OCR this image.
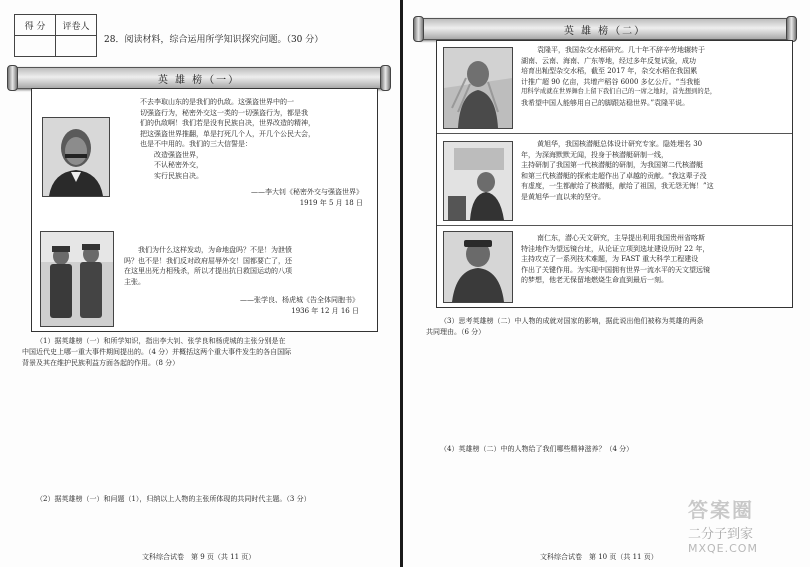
得 分	评卷人

28．阅读材料，综合运用所学知识探究问题。（30 分）
英 雄 榜（一）
不去李取山东的是我们的仇敌。这强盗世界中的一
切强盗行为，秘密外交这一类的一切强盗行为，都是我
们的仇敌啊！我们若是没有民族自决，世界改造的精神，
把这强盗世界推翻，单是打死几个人，开几个公民大会，
也是不中用的。我们的三大信誓是：
改造强盗世界，
不认秘密外交，
实行民族自决。
——李大钊《秘密外交与强盗世界》
1919 年 5 月 18 日
我们为什么这样发动，为命地盘吗？不是！为泄愤
吗？也不是！我们反对政府屈辱外交！国都要亡了，还
在这里出死力相残杀，所以才提出抗日救国运动的八项
主张。
——张学良、杨虎城《告全体同胞书》
1936 年 12 月 16 日
（1）据英雄榜（一）和所学知识，指出李大钊、张学良和杨虎城的主张分别是在
中国近代史上哪一重大事件期间提出的。（4 分）并概括这两个重大事件发生的各自国际
背景及其在维护民族利益方面各起的作用。（8 分）
（2）据英雄榜（一）和问题（1），归纳以上人物的主张所体现的共同时代主题。（3 分）
文科综合试卷　第 9 页（共 11 页）
英 雄 榜（二）
袁隆平，我国杂交水稻研究。几十年不辞辛劳地辗转于
湖南、云南、海南、广东等地，经过多年反复试验，成功
培育出籼型杂交水稻，截至 2017 年，杂交水稻在我国累
计推广超 90 亿亩，共增产稻谷 6000 多亿公斤。“当我能
用科学成就在世界舞台上留下我们自己的一席之地时，首先想到的是，
我希望中国人能够用自己的脚跟站稳世界。”袁隆平说。
黄旭华，我国核潜艇总体设计研究专家。隐姓埋名 30
年，为深海默默无闻，投身于核潜艇研制一线，
主持研制了我国第一代核潜艇的研制，为我国第二代核潜艇
和第三代核潜艇的探索走超作出了卓越的贡献。“我这辈子没
有虚度，一生都献给了核潜艇，献给了祖国，我无怨无悔！”这
是黄旭华一直以来的坚守。
南仁东，潜心天文研究，主导提出利用我国贵州省喀斯
特洼地作为望远镜台址，从论证立项到选址建设历时 22 年，
主持攻克了一系列技术难题，为 FAST 重大科学工程建设
作出了关键作用。为实现中国拥有世界一流水平的天文望远镜
的梦想，他老无保留地燃烧生命直到最后一刻。
（3）思考英雄榜（二）中人物的成就对国家的影响，据此说出他们被称为英雄的两条
共同理由。（6 分）
（4）英雄榜（二）中的人物给了我们哪些精神滋养？（4 分）
文科综合试卷　第 10 页（共 11 页）
答案圈
二分子到家
MXQE.COM
